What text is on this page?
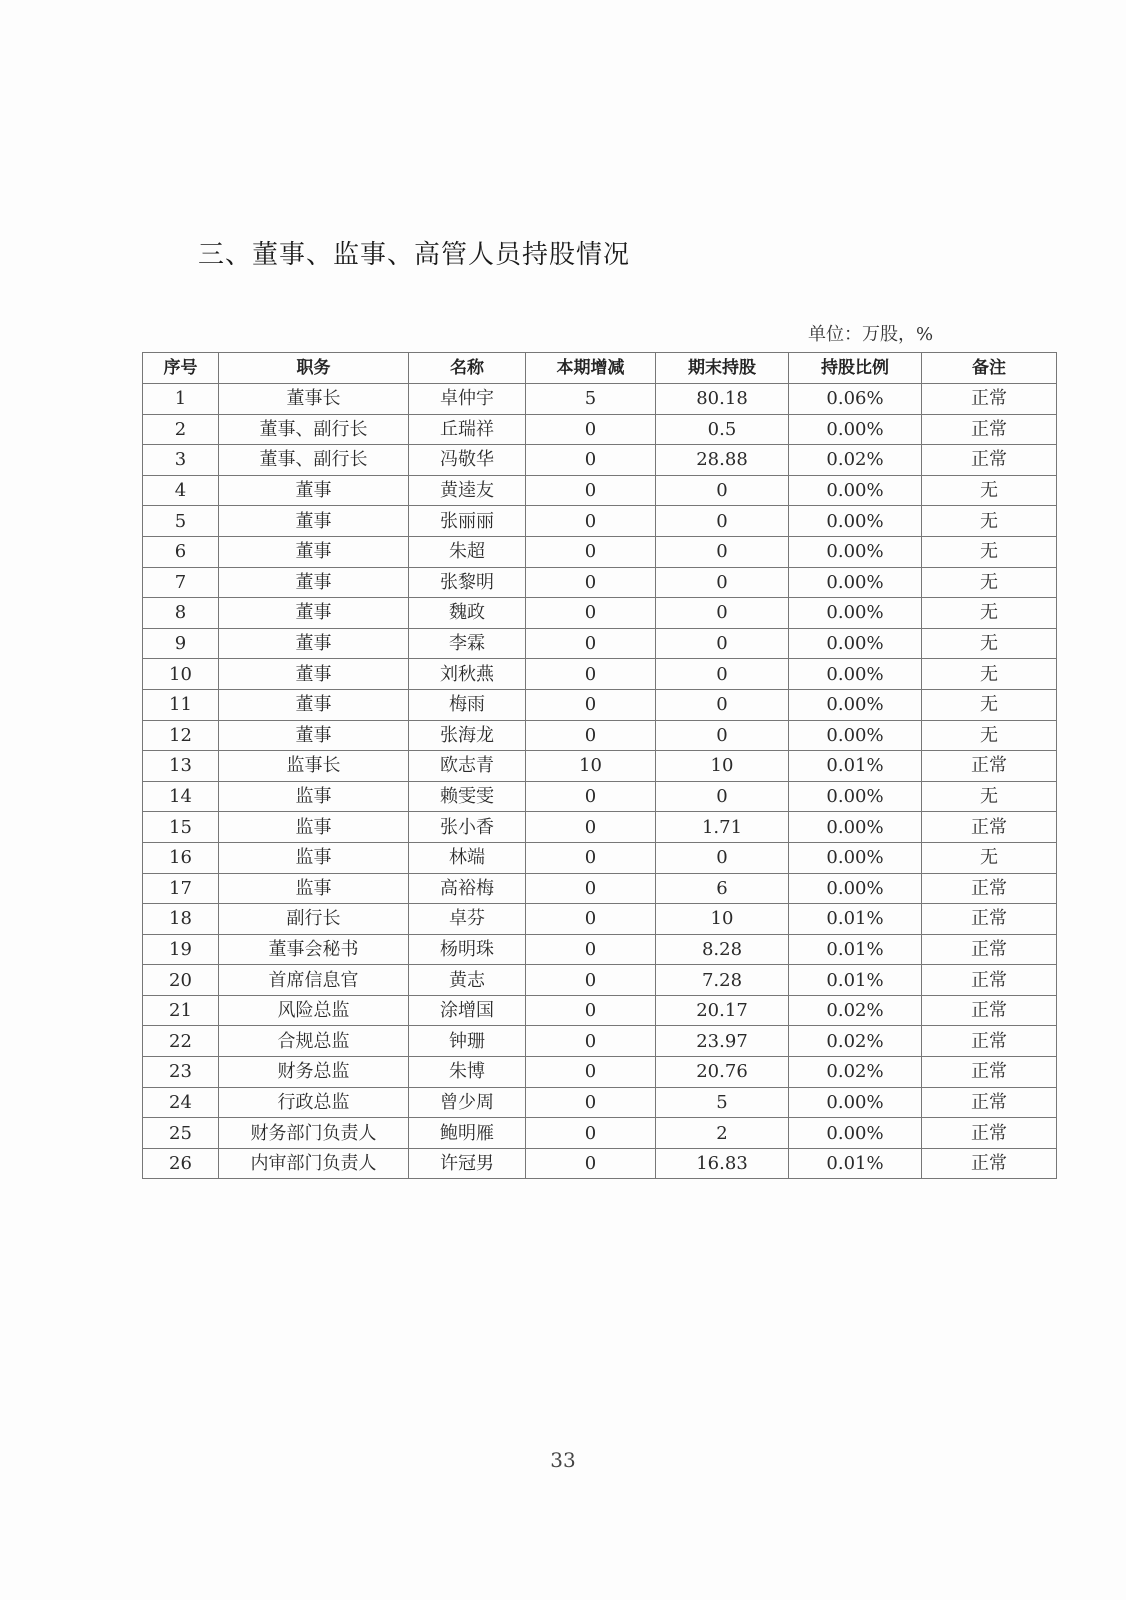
三、董事、监事、高管人员持股情况
单位：万股，%
序号	职务	名称	本期增减	期末持股	持股比例	备注
1	董事长	卓仲宇	5	80.18	0.06%	正常
2	董事、副行长	丘瑞祥	0	0.5	0.00%	正常
3	董事、副行长	冯敬华	0	28.88	0.02%	正常
4	董事	黄逵友	0	0	0.00%	无
5	董事	张丽丽	0	0	0.00%	无
6	董事	朱超	0	0	0.00%	无
7	董事	张黎明	0	0	0.00%	无
8	董事	魏政	0	0	0.00%	无
9	董事	李霖	0	0	0.00%	无
10	董事	刘秋燕	0	0	0.00%	无
11	董事	梅雨	0	0	0.00%	无
12	董事	张海龙	0	0	0.00%	无
13	监事长	欧志青	10	10	0.01%	正常
14	监事	赖雯雯	0	0	0.00%	无
15	监事	张小香	0	1.71	0.00%	正常
16	监事	林端	0	0	0.00%	无
17	监事	高裕梅	0	6	0.00%	正常
18	副行长	卓芬	0	10	0.01%	正常
19	董事会秘书	杨明珠	0	8.28	0.01%	正常
20	首席信息官	黄志	0	7.28	0.01%	正常
21	风险总监	涂增国	0	20.17	0.02%	正常
22	合规总监	钟珊	0	23.97	0.02%	正常
23	财务总监	朱博	0	20.76	0.02%	正常
24	行政总监	曾少周	0	5	0.00%	正常
25	财务部门负责人	鲍明雁	0	2	0.00%	正常
26	内审部门负责人	许冠男	0	16.83	0.01%	正常
33
